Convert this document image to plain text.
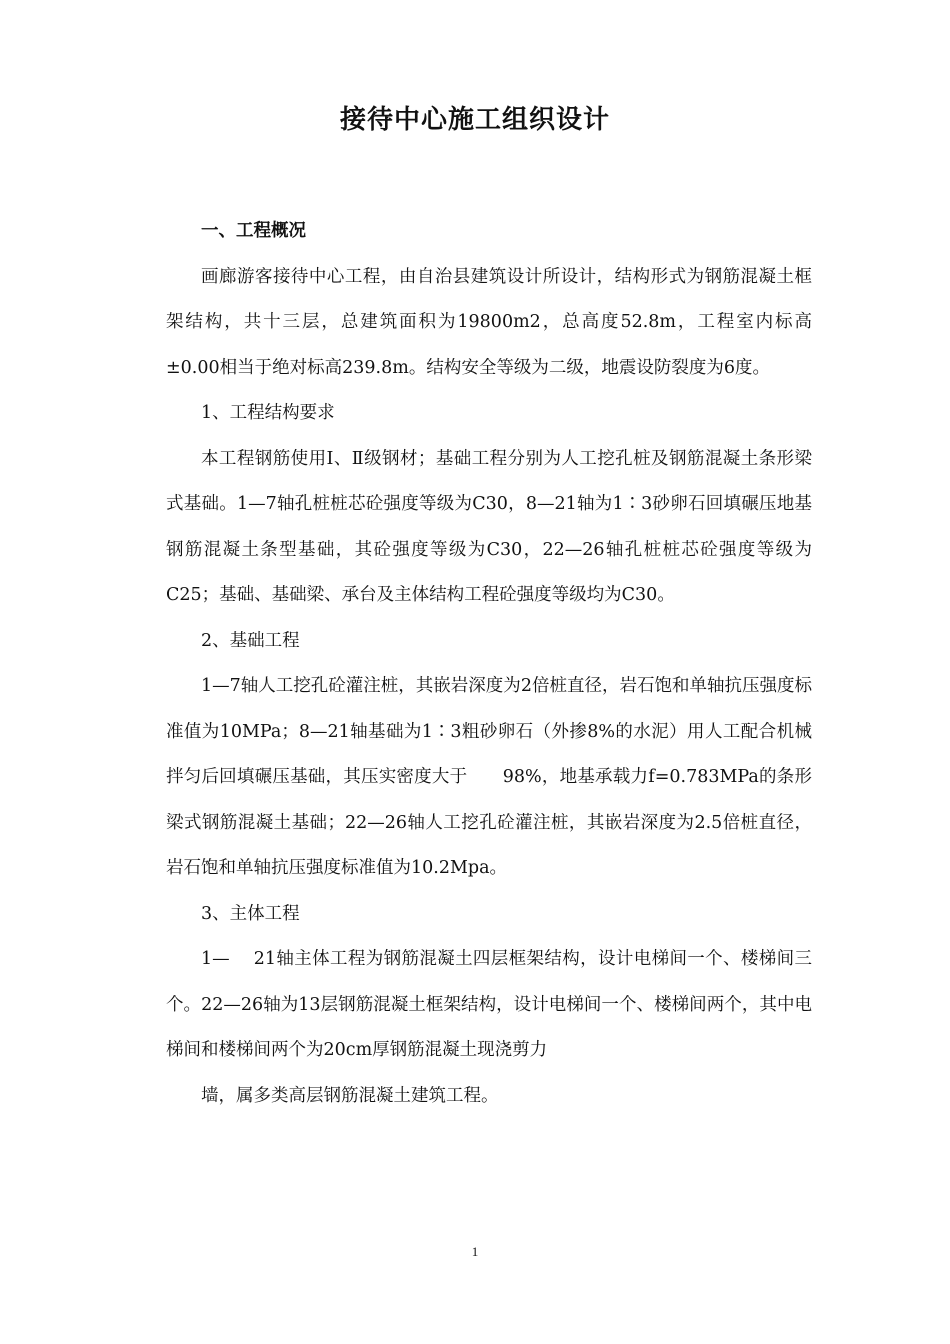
接待中心施工组织设计

一、工程概况

画廊游客接待中心工程，由自治县建筑设计所设计，结构形式为钢筋混凝土框架结构，共十三层，总建筑面积为19800m2，总高度52.8m，工程室内标高±0.00相当于绝对标高239.8m。结构安全等级为二级，地震设防裂度为6度。

1、工程结构要求

本工程钢筋使用Ⅰ、Ⅱ级钢材；基础工程分别为人工挖孔桩及钢筋混凝土条形梁式基础。1—7轴孔桩桩芯砼强度等级为C30，8—21轴为1∶3砂卵石回填碾压地基钢筋混凝土条型基础，其砼强度等级为C30，22—26轴孔桩桩芯砼强度等级为C25；基础、基础梁、承台及主体结构工程砼强度等级均为C30。

2、基础工程

1—7轴人工挖孔砼灌注桩，其嵌岩深度为2倍桩直径，岩石饱和单轴抗压强度标准值为10MPa；8—21轴基础为1∶3粗砂卵石（外掺8%的水泥）用人工配合机械拌匀后回填碾压基础，其压实密度大于　　98%，地基承载力f=0.783MPa的条形梁式钢筋混凝土基础；22—26轴人工挖孔砼灌注桩，其嵌岩深度为2.5倍桩直径，岩石饱和单轴抗压强度标准值为10.2Mpa。

3、主体工程

1—　 21轴主体工程为钢筋混凝土四层框架结构，设计电梯间一个、楼梯间三个。22—26轴为13层钢筋混凝土框架结构，设计电梯间一个、楼梯间两个，其中电梯间和楼梯间两个为20cm厚钢筋混凝土现浇剪力

墙，属多类高层钢筋混凝土建筑工程。

1
